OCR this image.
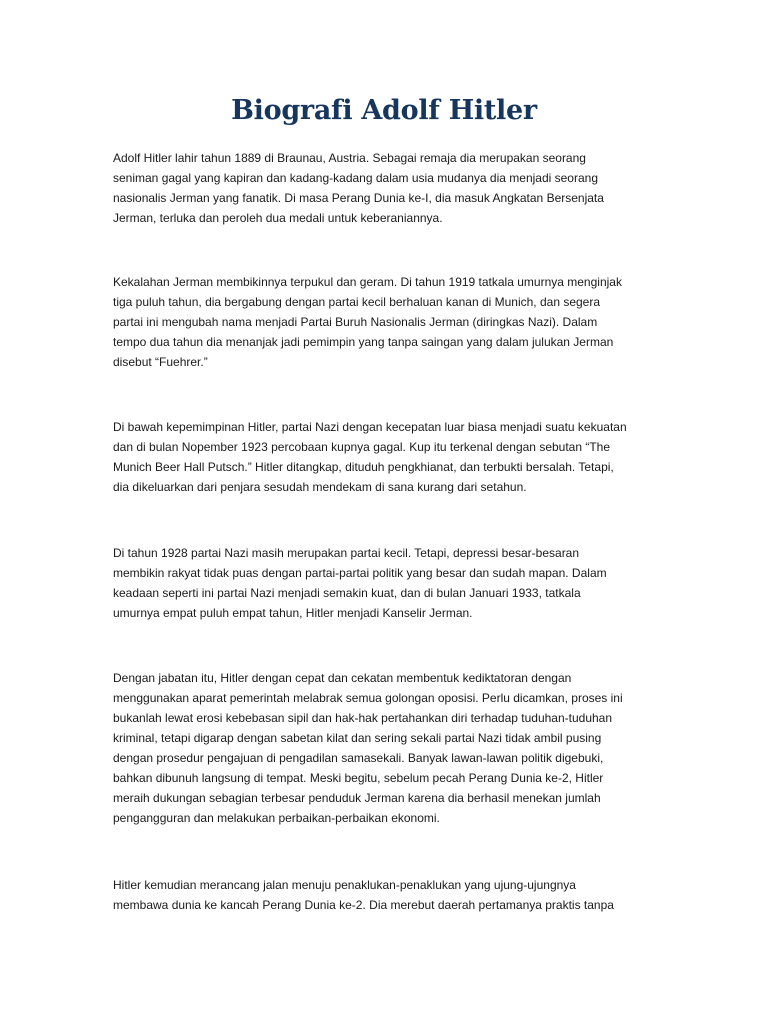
Biografi Adolf Hitler

Adolf Hitler lahir tahun 1889 di Braunau, Austria. Sebagai remaja dia merupakan seorang
seniman gagal yang kapiran dan kadang-kadang dalam usia mudanya dia menjadi seorang
nasionalis Jerman yang fanatik. Di masa Perang Dunia ke-I, dia masuk Angkatan Bersenjata
Jerman, terluka dan peroleh dua medali untuk keberaniannya.

Kekalahan Jerman membikinnya terpukul dan geram. Di tahun 1919 tatkala umurnya menginjak
tiga puluh tahun, dia bergabung dengan partai kecil berhaluan kanan di Munich, dan segera
partai ini mengubah nama menjadi Partai Buruh Nasionalis Jerman (diringkas Nazi). Dalam
tempo dua tahun dia menanjak jadi pemimpin yang tanpa saingan yang dalam julukan Jerman
disebut “Fuehrer.”

Di bawah kepemimpinan Hitler, partai Nazi dengan kecepatan luar biasa menjadi suatu kekuatan
dan di bulan Nopember 1923 percobaan kupnya gagal. Kup itu terkenal dengan sebutan “The
Munich Beer Hall Putsch.” Hitler ditangkap, dituduh pengkhianat, dan terbukti bersalah. Tetapi,
dia dikeluarkan dari penjara sesudah mendekam di sana kurang dari setahun.

Di tahun 1928 partai Nazi masih merupakan partai kecil. Tetapi, depressi besar-besaran
membikin rakyat tidak puas dengan partai-partai politik yang besar dan sudah mapan. Dalam
keadaan seperti ini partai Nazi menjadi semakin kuat, dan di bulan Januari 1933, tatkala
umurnya empat puluh empat tahun, Hitler menjadi Kanselir Jerman.

Dengan jabatan itu, Hitler dengan cepat dan cekatan membentuk kediktatoran dengan
menggunakan aparat pemerintah melabrak semua golongan oposisi. Perlu dicamkan, proses ini
bukanlah lewat erosi kebebasan sipil dan hak-hak pertahankan diri terhadap tuduhan-tuduhan
kriminal, tetapi digarap dengan sabetan kilat dan sering sekali partai Nazi tidak ambil pusing
dengan prosedur pengajuan di pengadilan samasekali. Banyak lawan-lawan politik digebuki,
bahkan dibunuh langsung di tempat. Meski begitu, sebelum pecah Perang Dunia ke-2, Hitler
meraih dukungan sebagian terbesar penduduk Jerman karena dia berhasil menekan jumlah
pengangguran dan melakukan perbaikan-perbaikan ekonomi.

Hitler kemudian merancang jalan menuju penaklukan-penaklukan yang ujung-ujungnya
membawa dunia ke kancah Perang Dunia ke-2. Dia merebut daerah pertamanya praktis tanpa
